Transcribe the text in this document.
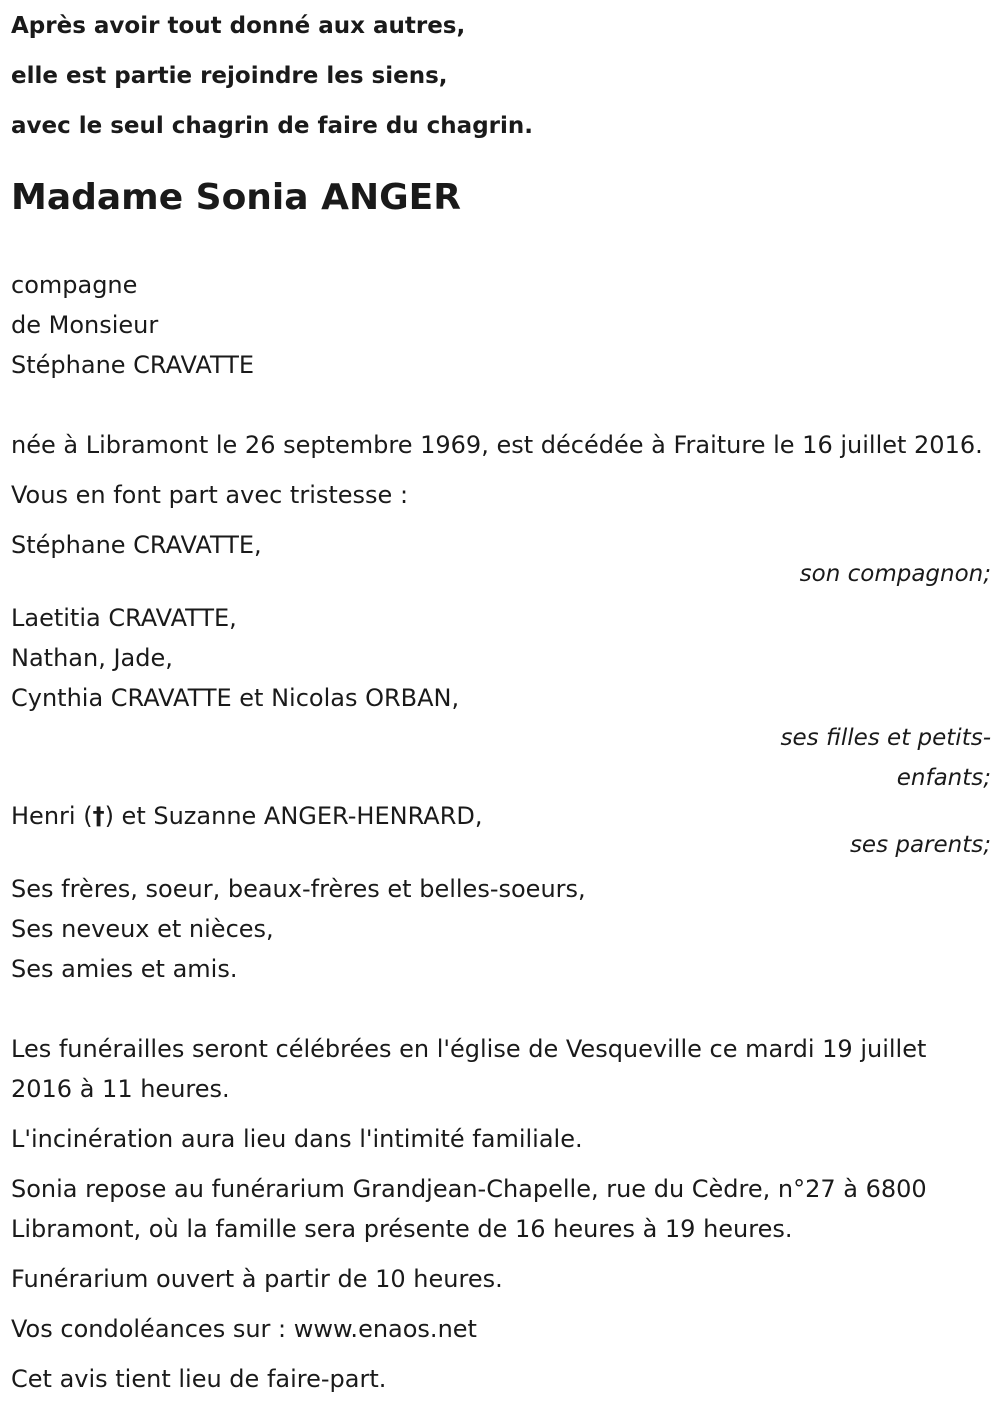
Après avoir tout donné aux autres,
elle est partie rejoindre les siens,
avec le seul chagrin de faire du chagrin.
Madame Sonia ANGER
compagne
de Monsieur
Stéphane CRAVATTE
née à Libramont le 26 septembre 1969, est décédée à Fraiture le 16 juillet 2016.
Vous en font part avec tristesse :
Stéphane CRAVATTE,
son compagnon;
Laetitia CRAVATTE,
Nathan, Jade,
Cynthia CRAVATTE et Nicolas ORBAN,
ses filles et petits-
enfants;
Henri (†) et Suzanne ANGER-HENRARD,
ses parents;
Ses frères, soeur, beaux-frères et belles-soeurs,
Ses neveux et nièces,
Ses amies et amis.
Les funérailles seront célébrées en l'église de Vesqueville ce mardi 19 juillet 2016 à 11 heures.
L'incinération aura lieu dans l'intimité familiale.
Sonia repose au funérarium Grandjean-Chapelle, rue du Cèdre, n°27 à 6800 Libramont, où la famille sera présente de 16 heures à 19 heures.
Funérarium ouvert à partir de 10 heures.
Vos condoléances sur : www.enaos.net
Cet avis tient lieu de faire-part.
